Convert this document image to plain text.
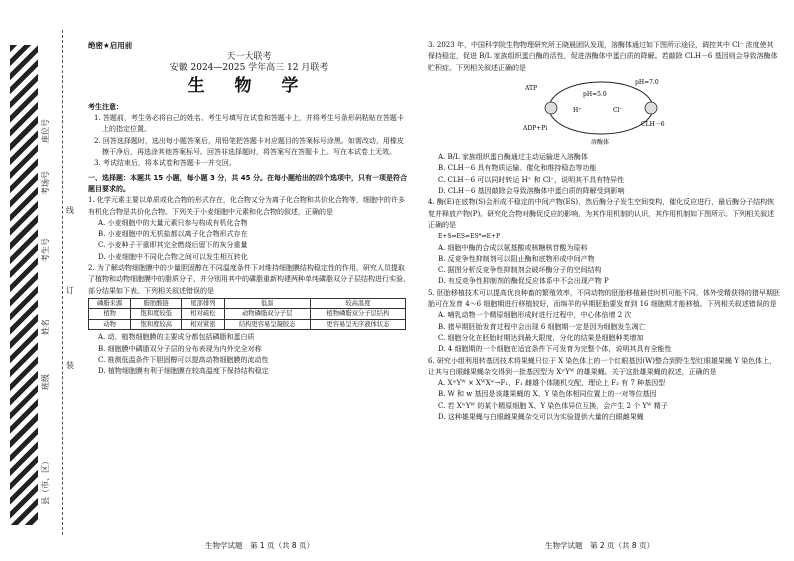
座位号
考场号
考生号
姓名
班级
县（市、区）
线
订
装
绝密★启用前
天一大联考
安徽 2024—2025 学年高三 12 月联考
生 物 学
考生注意：
1. 答题前，考生务必将自己的姓名、考生号填写在试卷和答题卡上，并将考生号条形码粘贴在答题卡上的指定位置。
2. 回答选择题时，选出每小题答案后，用铅笔把答题卡对应题目的答案标号涂黑。如需改动，用橡皮擦干净后，再选涂其他答案标号。回答非选择题时，将答案写在答题卡上。写在本试卷上无效。
3. 考试结束后，将本试卷和答题卡一并交回。
一、选择题：本题共 15 小题，每小题 3 分，共 45 分。在每小题给出的四个选项中，只有一项是符合题目要求的。
1. 化学元素主要以单质或化合物的形式存在，化合物又分为离子化合物和共价化合物等，细胞中的许多有机化合物是共价化合物。下列关于小麦细胞中元素和化合物的叙述，正确的是
A. 小麦细胞中的大量元素只参与构成有机化合物
B. 小麦细胞中的无机盐都以离子化合物形式存在
C. 小麦种子干重即其完全燃烧后留下的灰分重量
D. 小麦细胞中不同化合物之间可以发生相互转化
2. 为了解动物细胞膜中的少量胆固醇在不同温度条件下对维持细胞膜结构稳定性的作用，研究人员提取了植物和动物细胞膜中的脂质分子，并分别用其中的磷脂重新构建两种单纯磷脂双分子层结构进行实验，部分结果如下表。下列相关叙述错误的是
磷脂来源	脂肪酸链	尾部排列	低温	较高温度
植物	饱和度较低	相对疏松	动物磷脂双分子层	植物磷脂双分子层结构
动物	饱和度较高	相对紧密	结构更容易呈凝胶态	更容易呈无序液体状态
A. 动、植物细胞膜的主要成分都包括磷脂和蛋白质
B. 细胞膜中磷脂双分子层的分布表现为内外完全对称
C. 推测低温条件下胆固醇可以提高动物细胞膜的流动性
D. 植物细胞膜有利于细胞膜在较高温度下保持结构稳定
3. 2023 年，中国科学院生物物理研究所王晓晨团队发现，溶酶体通过如下图所示途径，调控其中 Cl⁻ 浓度使其保持稳定，促进 B/L 家族组织蛋白酶的活性，促进溶酶体中蛋白质的降解。若敲除 CLH－6 基因则会导致溶酶体贮积症。下列相关叙述正确的是
ATP
ADP+Pi
pH=5.0
pH=7.0
H⁺	Cl⁻
CLH－6
溶酶体
A. B/L 家族组织蛋白酶通过主动运输进入溶酶体
B. CLH－6 具有物质运输、催化和维持稳态等功能
C. CLH－6 可以同时转运 H⁺ 和 Cl⁻，说明其不具有特异性
D. CLH－6 基因敲除会导致溶酶体中蛋白质的降解受到影响
4. 酶(E)在底物(S)会形成不稳定的中间产物(ES)，然后酶分子发生空间变构，催化反应进行，最后酶分子结构恢复并释放产物(P)。研究化合物对酶促反应的影响，为其作用机制的认识，其作用机制如下图所示。下列相关叙述正确的是
E+S⇌ES⇌ES*⇌E+P
A. 细胞中酶的合成以氨基酸或核糖核苷酸为原料
B. 反竞争性抑制剂可以阻止酶和底物形成中间产物
C. 据图分析反竞争性抑制剂会破坏酶分子的空间结构
D. 有反竞争性抑制剂的酶促反应体系中不会出现产物 P
5. 胚胎移植技术可以提高优良种畜的繁殖效率，不同动物的胚胎移植最佳时机可能不同，体外受精获得的猪早期胚胎可在发育 4～6 细胞期进行移植较好，而绵羊的早期胚胎要发育到 16 细胞期才能移植。下列相关叙述错误的是
A. 哺乳动物一个精原细胞形成时进行过程中，中心体倍增 2 次
B. 猪早期胚胎发育过程中会出现 6 细胞期一定是因为细胞发生凋亡
C. 细胞分化在胚胎时期达到最大限度，分化的结果是细胞种类增加
D. 4 细胞期的一个细胞在适宜条件下可发育为完整个体，说明其具有全能性
6. 研究小组利用转基因技术将果蝇只位于 X 染色体上的一个红眼基因(W)整合到野生型红眼雄果蝇 Y 染色体上，让其与白眼雌果蝇杂交得到一批基因型为 XʷYᵂ 的雄果蝇。关于这批雄果蝇的叙述，正确的是
A. XʷYᵂ × XᵂXʷ→F₁，F₁ 雌雄个体随机交配，理论上 F₂ 有 7 种基因型
B. W 和 w 基因是该雄果蝇的 X、Y 染色体相同位置上的一对等位基因
C. 若 XʷYᵂ 的某个精原细胞 X、Y 染色体异位互换，会产生 2 个 Yᵂ 精子
D. 这种雄果蝇与白眼雌果蝇杂交可以为实验提供大量的白眼雌果蝇
生物学试题　第 1 页（共 8 页）	生物学试题　第 2 页（共 8 页）
